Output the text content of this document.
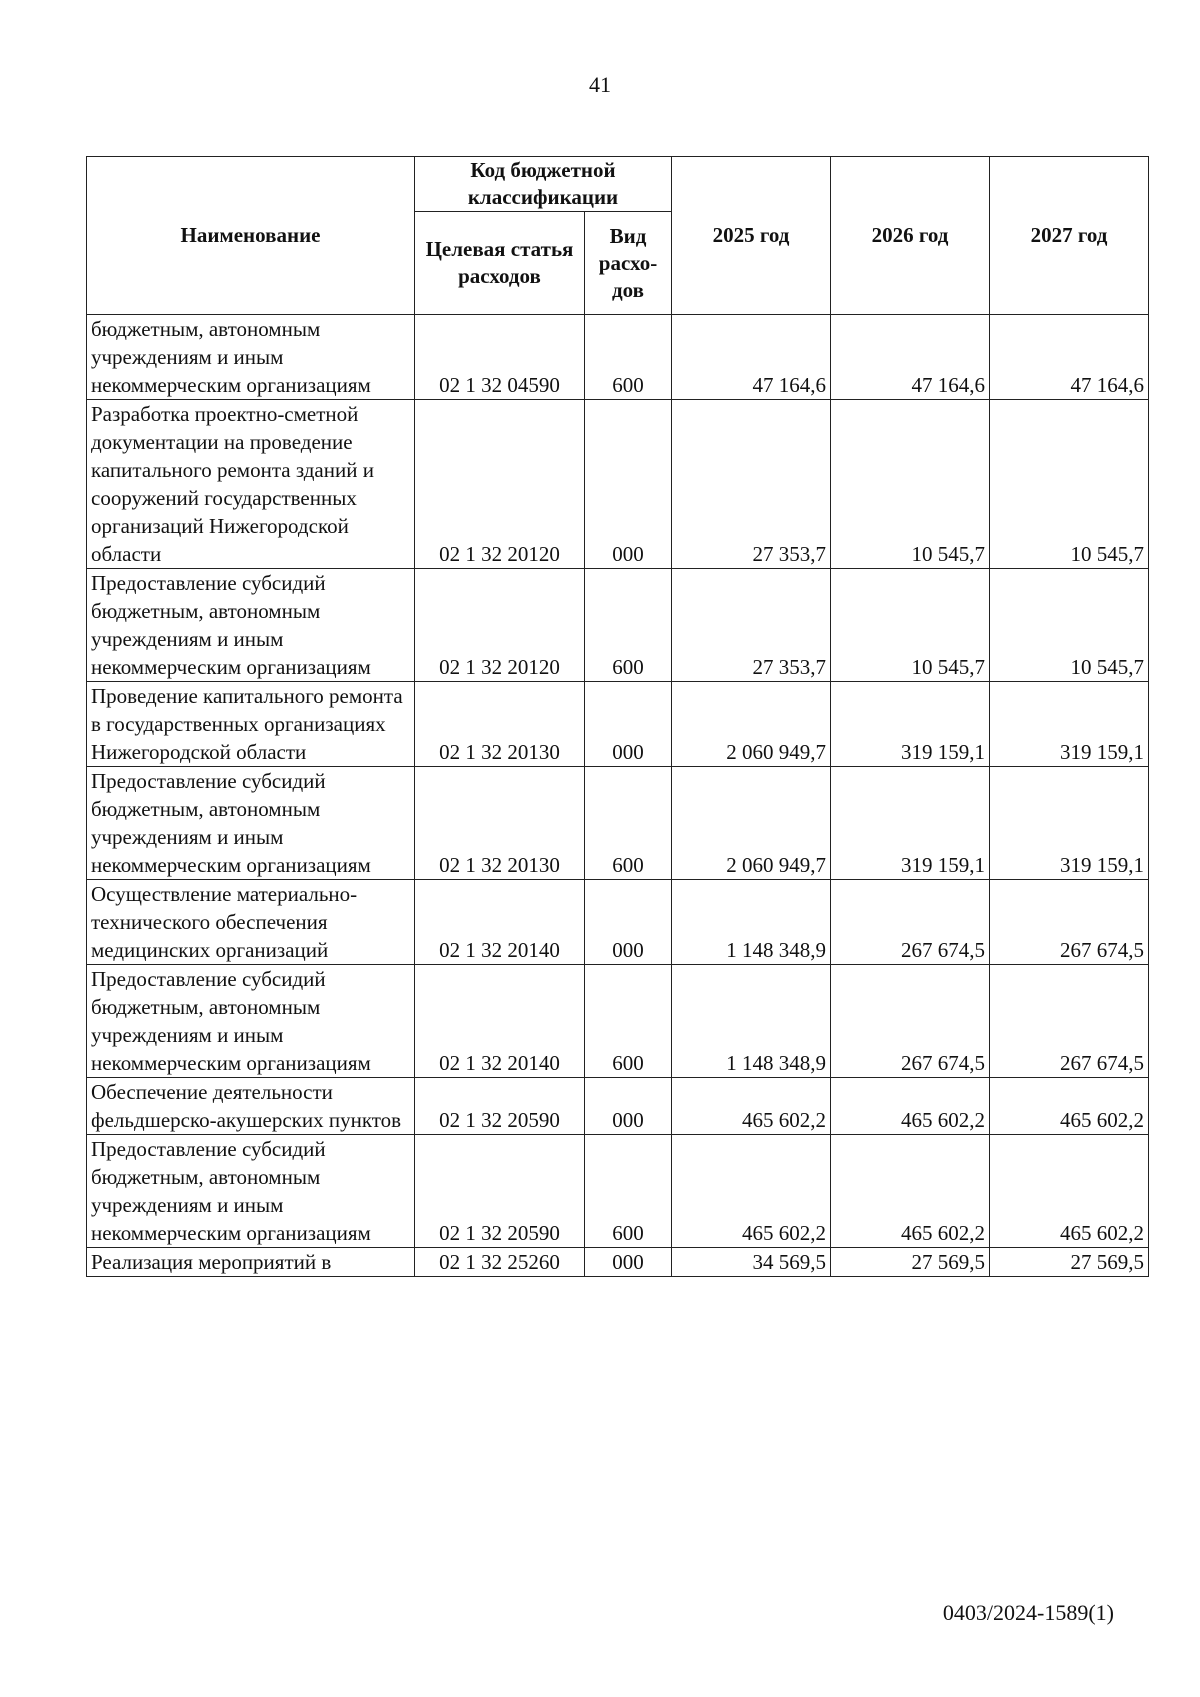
41
Наименование	Код бюджетной классификации		2025 год	2026 год	2027 год
	Целевая статья расходов	Вид расхо-дов			
бюджетным, автономным учреждениям и иным некоммерческим организациям	02 1 32 04590	600	47 164,6	47 164,6	47 164,6
Разработка проектно-сметной документации на проведение капитального ремонта зданий и сооружений государственных организаций Нижегородской области	02 1 32 20120	000	27 353,7	10 545,7	10 545,7
Предоставление субсидий бюджетным, автономным учреждениям и иным некоммерческим организациям	02 1 32 20120	600	27 353,7	10 545,7	10 545,7
Проведение капитального ремонта в государственных организациях Нижегородской области	02 1 32 20130	000	2 060 949,7	319 159,1	319 159,1
Предоставление субсидий бюджетным, автономным учреждениям и иным некоммерческим организациям	02 1 32 20130	600	2 060 949,7	319 159,1	319 159,1
Осуществление материально-технического обеспечения медицинских организаций	02 1 32 20140	000	1 148 348,9	267 674,5	267 674,5
Предоставление субсидий бюджетным, автономным учреждениям и иным некоммерческим организациям	02 1 32 20140	600	1 148 348,9	267 674,5	267 674,5
Обеспечение деятельности фельдшерско-акушерских пунктов	02 1 32 20590	000	465 602,2	465 602,2	465 602,2
Предоставление субсидий бюджетным, автономным учреждениям и иным некоммерческим организациям	02 1 32 20590	600	465 602,2	465 602,2	465 602,2
Реализация мероприятий в	02 1 32 25260	000	34 569,5	27 569,5	27 569,5
0403/2024-1589(1)
